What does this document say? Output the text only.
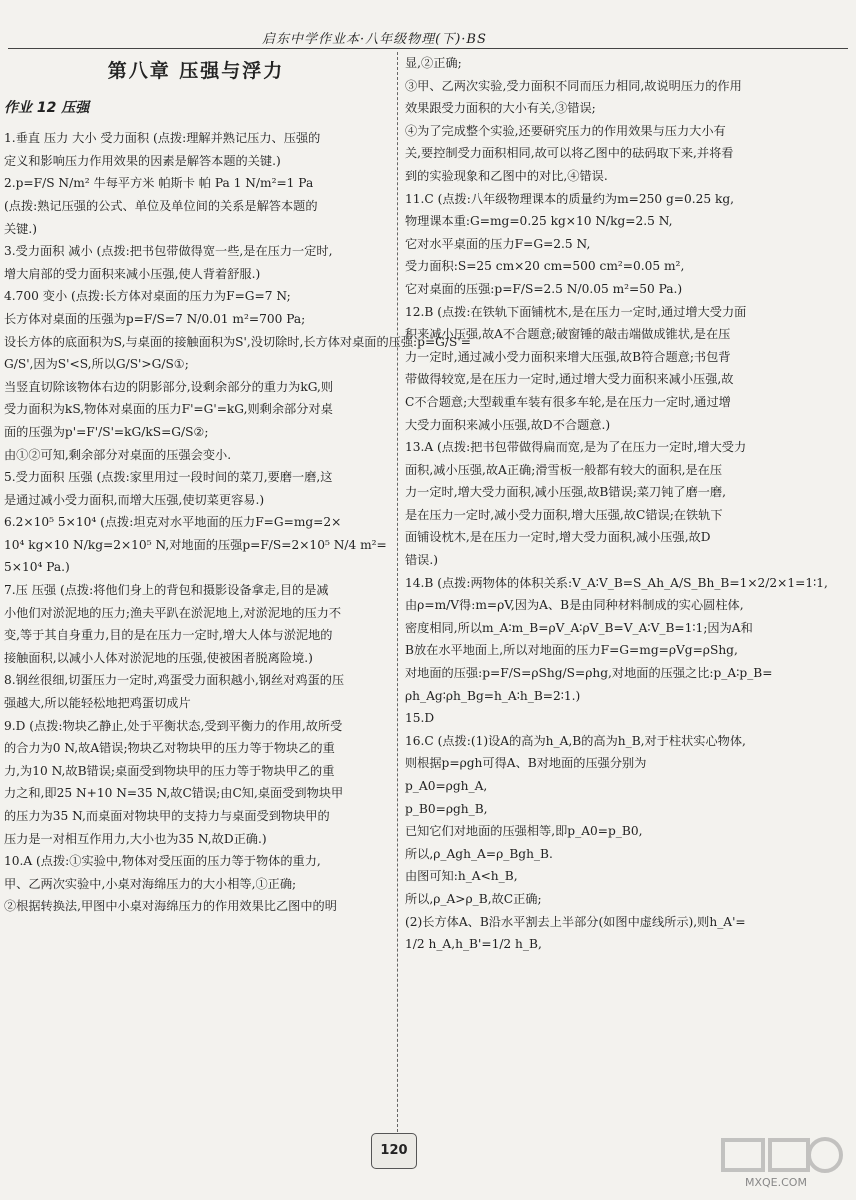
启东中学作业本·八年级物理(下)·BS
第八章 压强与浮力
作业 12 压强
1.垂直 压力 大小 受力面积 (点拨:理解并熟记压力、压强的
定义和影响压力作用效果的因素是解答本题的关键.)
2.p=F/S N/m² 牛每平方米 帕斯卡 帕 Pa 1 N/m²=1 Pa
(点拨:熟记压强的公式、单位及单位间的关系是解答本题的
关键.)
3.受力面积 减小 (点拨:把书包带做得宽一些,是在压力一定时,
增大肩部的受力面积来减小压强,使人背着舒服.)
4.700 变小 (点拨:长方体对桌面的压力为F=G=7 N;
长方体对桌面的压强为p=F/S=7 N/0.01 m²=700 Pa;
设长方体的底面积为S,与桌面的接触面积为S',没切除时,长方体对桌面的压强:p=G/S'=
G/S',因为S'<S,所以G/S'>G/S①;
当竖直切除该物体右边的阴影部分,设剩余部分的重力为kG,则
受力面积为kS,物体对桌面的压力F'=G'=kG,则剩余部分对桌
面的压强为p'=F'/S'=kG/kS=G/S②;
由①②可知,剩余部分对桌面的压强会变小.
5.受力面积 压强 (点拨:家里用过一段时间的菜刀,要磨一磨,这
是通过减小受力面积,而增大压强,使切菜更容易.)
6.2×10⁵ 5×10⁴ (点拨:坦克对水平地面的压力F=G=mg=2×
10⁴ kg×10 N/kg=2×10⁵ N,对地面的压强p=F/S=2×10⁵ N/4 m²=
5×10⁴ Pa.)
7.压 压强 (点拨:将他们身上的背包和摄影设备拿走,目的是减
小他们对淤泥地的压力;渔夫平趴在淤泥地上,对淤泥地的压力不
变,等于其自身重力,目的是在压力一定时,增大人体与淤泥地的
接触面积,以减小人体对淤泥地的压强,使被困者脱离险境.)
8.钢丝很细,切蛋压力一定时,鸡蛋受力面积越小,钢丝对鸡蛋的压
强越大,所以能轻松地把鸡蛋切成片
9.D (点拨:物块乙静止,处于平衡状态,受到平衡力的作用,故所受
的合力为0 N,故A错误;物块乙对物块甲的压力等于物块乙的重
力,为10 N,故B错误;桌面受到物块甲的压力等于物块甲乙的重
力之和,即25 N+10 N=35 N,故C错误;由C知,桌面受到物块甲
的压力为35 N,而桌面对物块甲的支持力与桌面受到物块甲的
压力是一对相互作用力,大小也为35 N,故D正确.)
10.A (点拨:①实验中,物体对受压面的压力等于物体的重力,
甲、乙两次实验中,小桌对海绵压力的大小相等,①正确;
②根据转换法,甲图中小桌对海绵压力的作用效果比乙图中的明
显,②正确;
③甲、乙两次实验,受力面积不同而压力相同,故说明压力的作用
效果跟受力面积的大小有关,③错误;
④为了完成整个实验,还要研究压力的作用效果与压力大小有
关,要控制受力面积相同,故可以将乙图中的砝码取下来,并将看
到的实验现象和乙图中的对比,④错误.
11.C (点拨:八年级物理课本的质量约为m=250 g=0.25 kg,
物理课本重:G=mg=0.25 kg×10 N/kg=2.5 N,
它对水平桌面的压力F=G=2.5 N,
受力面积:S=25 cm×20 cm=500 cm²=0.05 m²,
它对桌面的压强:p=F/S=2.5 N/0.05 m²=50 Pa.)
12.B (点拨:在铁轨下面铺枕木,是在压力一定时,通过增大受力面
积来减小压强,故A不合题意;破窗锤的敲击端做成锥状,是在压
力一定时,通过减小受力面积来增大压强,故B符合题意;书包背
带做得较宽,是在压力一定时,通过增大受力面积来减小压强,故
C不合题意;大型载重车装有很多车轮,是在压力一定时,通过增
大受力面积来减小压强,故D不合题意.)
13.A (点拨:把书包带做得扁而宽,是为了在压力一定时,增大受力
面积,减小压强,故A正确;滑雪板一般都有较大的面积,是在压
力一定时,增大受力面积,减小压强,故B错误;菜刀钝了磨一磨,
是在压力一定时,减小受力面积,增大压强,故C错误;在铁轨下
面铺设枕木,是在压力一定时,增大受力面积,减小压强,故D
错误.)
14.B (点拨:两物体的体积关系:V_A∶V_B=S_Ah_A/S_Bh_B=1×2/2×1=1∶1,
由ρ=m/V得:m=ρV,因为A、B是由同种材料制成的实心圆柱体,
密度相同,所以m_A∶m_B=ρV_A∶ρV_B=V_A∶V_B=1∶1;因为A和
B放在水平地面上,所以对地面的压力F=G=mg=ρVg=ρShg,
对地面的压强:p=F/S=ρShg/S=ρhg,对地面的压强之比:p_A∶p_B=
ρh_Ag∶ρh_Bg=h_A∶h_B=2∶1.)
15.D
16.C (点拨:(1)设A的高为h_A,B的高为h_B,对于柱状实心物体,
则根据p=ρgh可得A、B对地面的压强分别为
p_A0=ρgh_A,
p_B0=ρgh_B,
已知它们对地面的压强相等,即p_A0=p_B0,
所以,ρ_Agh_A=ρ_Bgh_B.
由图可知:h_A<h_B,
所以,ρ_A>ρ_B,故C正确;
(2)长方体A、B沿水平割去上半部分(如图中虚线所示),则h_A'=
1/2 h_A,h_B'=1/2 h_B,
120
MXQE.COM
